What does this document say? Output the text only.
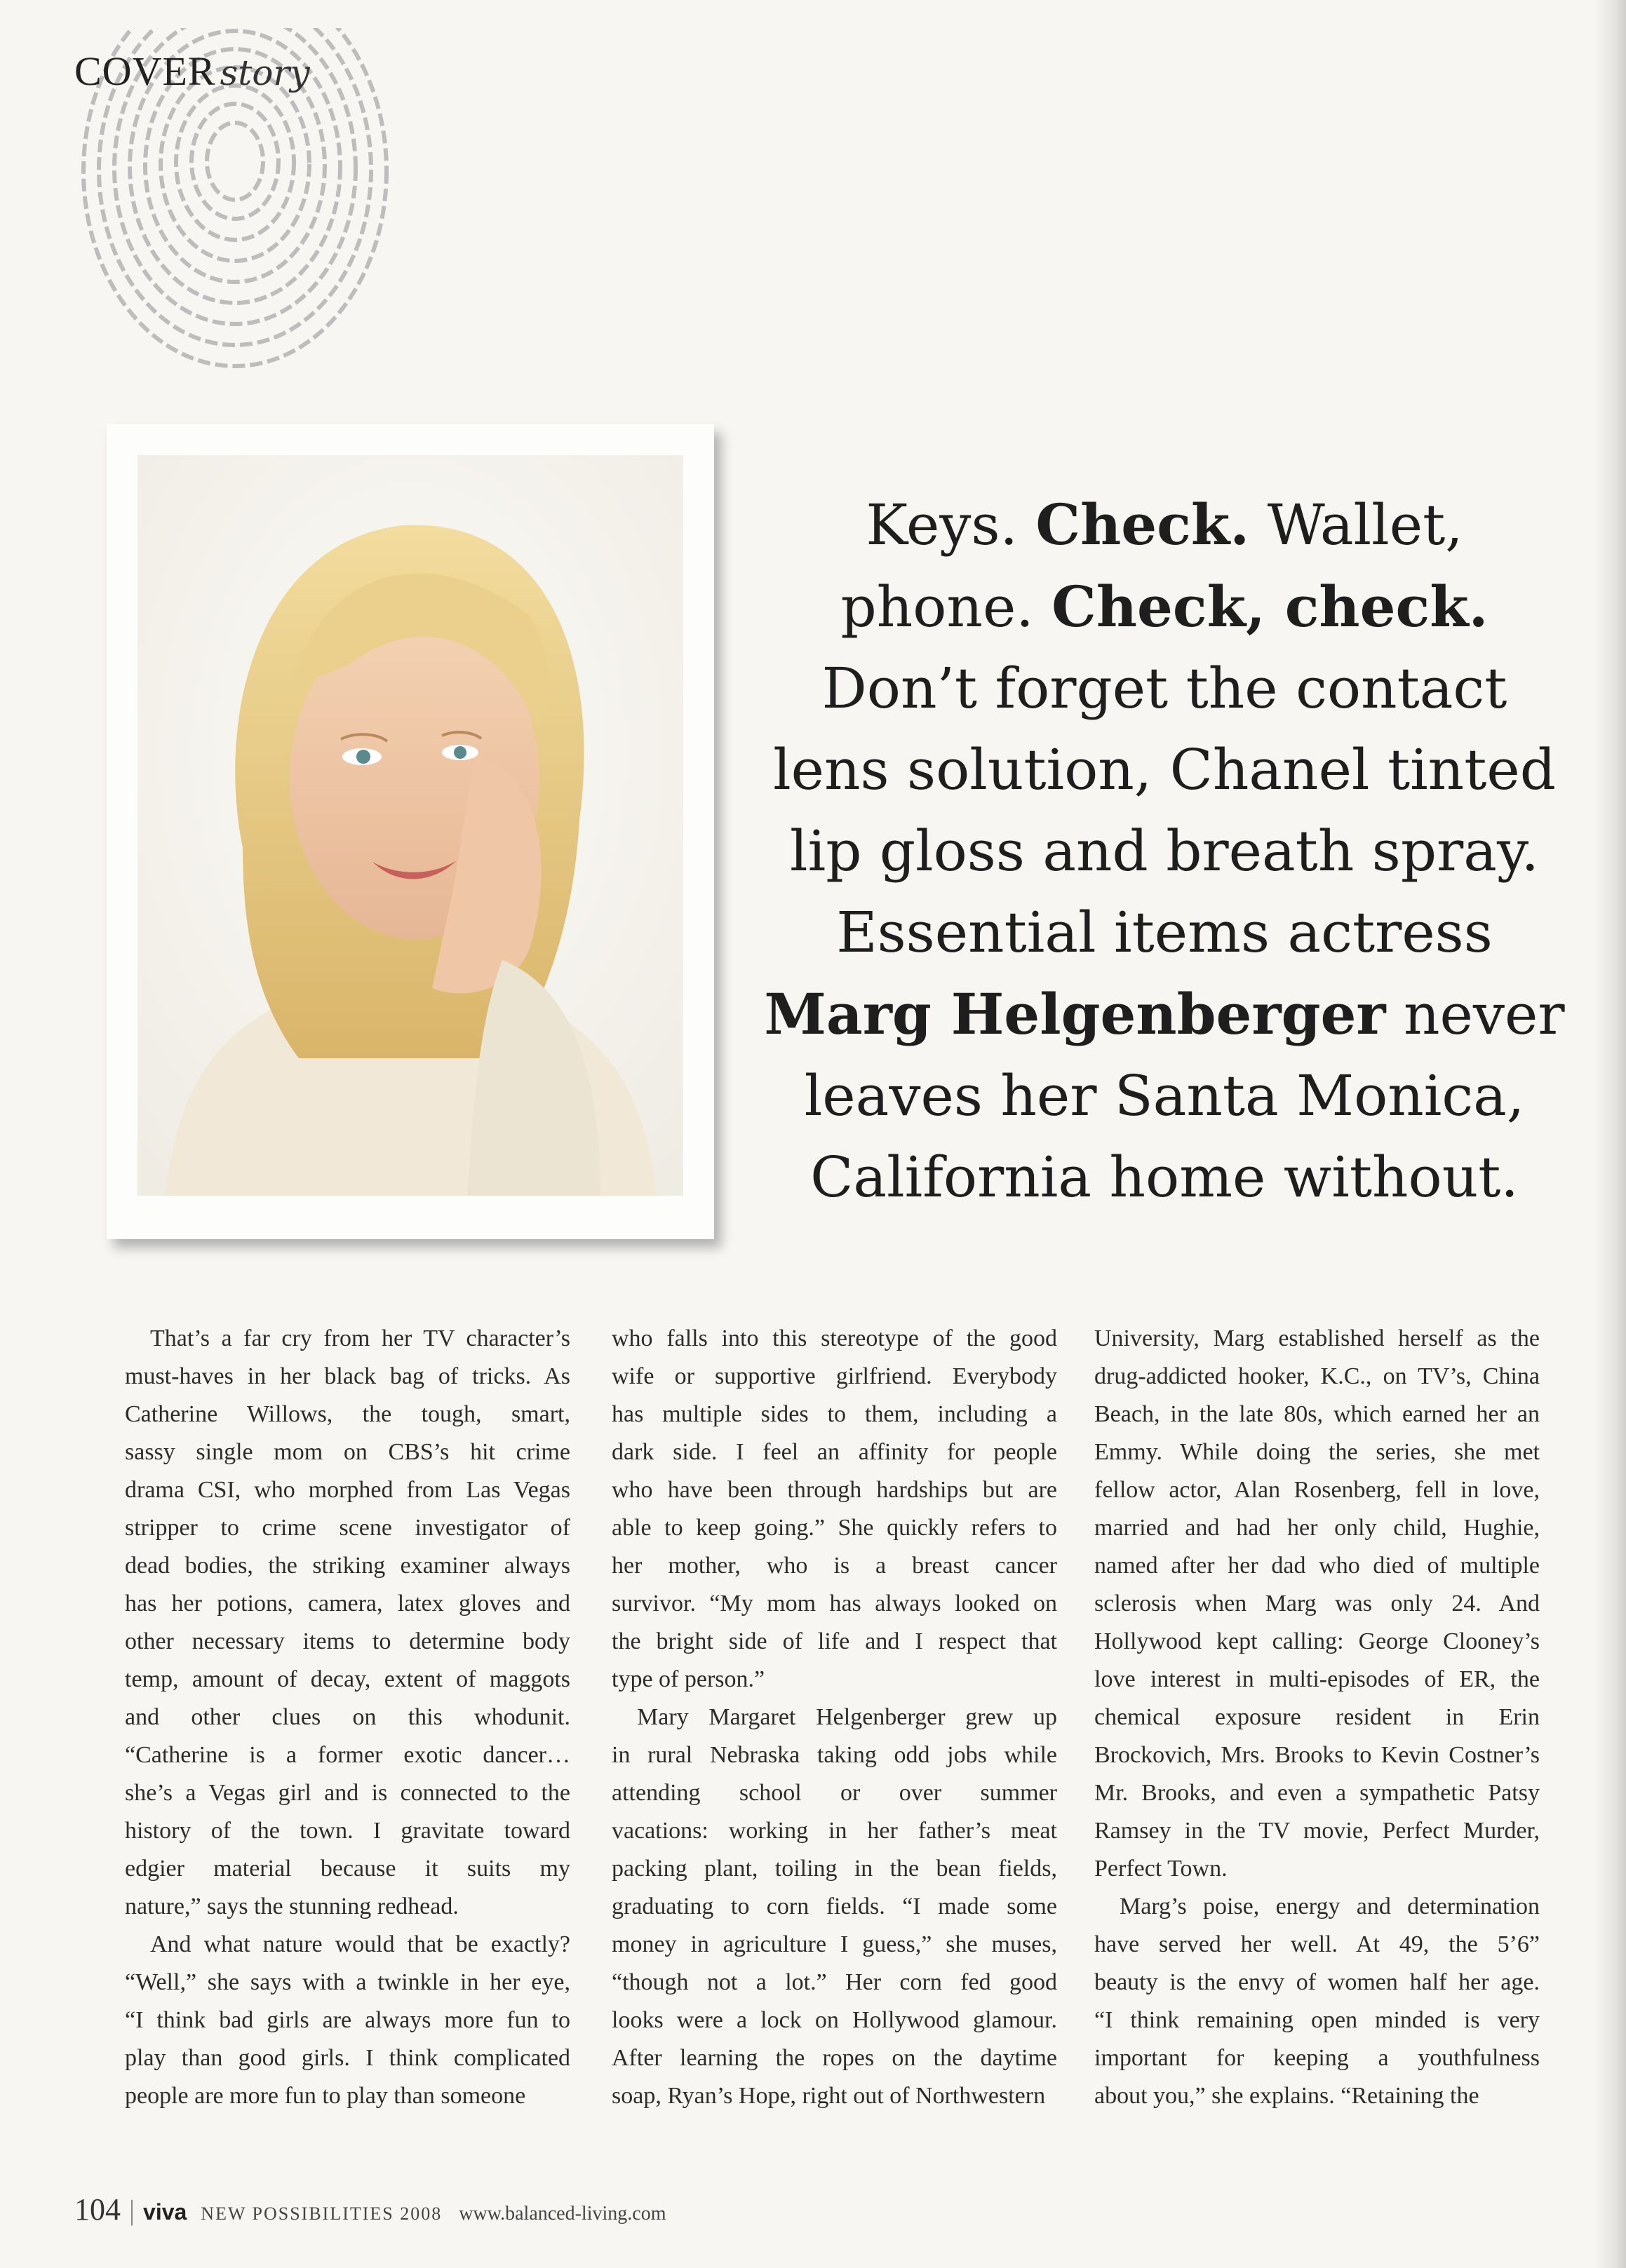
COVER story
Keys. Check. Wallet,
phone. Check, check.
Don’t forget the contact
lens solution, Chanel tinted
lip gloss and breath spray.
Essential items actress
Marg Helgenberger never
leaves her Santa Monica,
California home without.
That’s a far cry from her TV character’s
must-haves in her black bag of tricks. As
Catherine Willows, the tough, smart,
sassy single mom on CBS’s hit crime
drama CSI, who morphed from Las Vegas
stripper to crime scene investigator of
dead bodies, the striking examiner always
has her potions, camera, latex gloves and
other necessary items to determine body
temp, amount of decay, extent of maggots
and other clues on this whodunit.
“Catherine is a former exotic dancer…
she’s a Vegas girl and is connected to the
history of the town. I gravitate toward
edgier material because it suits my
nature,” says the stunning redhead.
And what nature would that be exactly?
“Well,” she says with a twinkle in her eye,
“I think bad girls are always more fun to
play than good girls. I think complicated
people are more fun to play than someone
who falls into this stereotype of the good
wife or supportive girlfriend. Everybody
has multiple sides to them, including a
dark side. I feel an affinity for people
who have been through hardships but are
able to keep going.” She quickly refers to
her mother, who is a breast cancer
survivor. “My mom has always looked on
the bright side of life and I respect that
type of person.”
Mary Margaret Helgenberger grew up
in rural Nebraska taking odd jobs while
attending school or over summer
vacations: working in her father’s meat
packing plant, toiling in the bean fields,
graduating to corn fields. “I made some
money in agriculture I guess,” she muses,
“though not a lot.” Her corn fed good
looks were a lock on Hollywood glamour.
After learning the ropes on the daytime
soap, Ryan’s Hope, right out of Northwestern
University, Marg established herself as the
drug-addicted hooker, K.C., on TV’s, China
Beach, in the late 80s, which earned her an
Emmy. While doing the series, she met
fellow actor, Alan Rosenberg, fell in love,
married and had her only child, Hughie,
named after her dad who died of multiple
sclerosis when Marg was only 24. And
Hollywood kept calling: George Clooney’s
love interest in multi-episodes of ER, the
chemical exposure resident in Erin
Brockovich, Mrs. Brooks to Kevin Costner’s
Mr. Brooks, and even a sympathetic Patsy
Ramsey in the TV movie, Perfect Murder,
Perfect Town.
Marg’s poise, energy and determination
have served her well. At 49, the 5’6”
beauty is the envy of women half her age.
“I think remaining open minded is very
important for keeping a youthfulness
about you,” she explains. “Retaining the
104 | viva NEW POSSIBILITIES 2008 www.balanced-living.com
